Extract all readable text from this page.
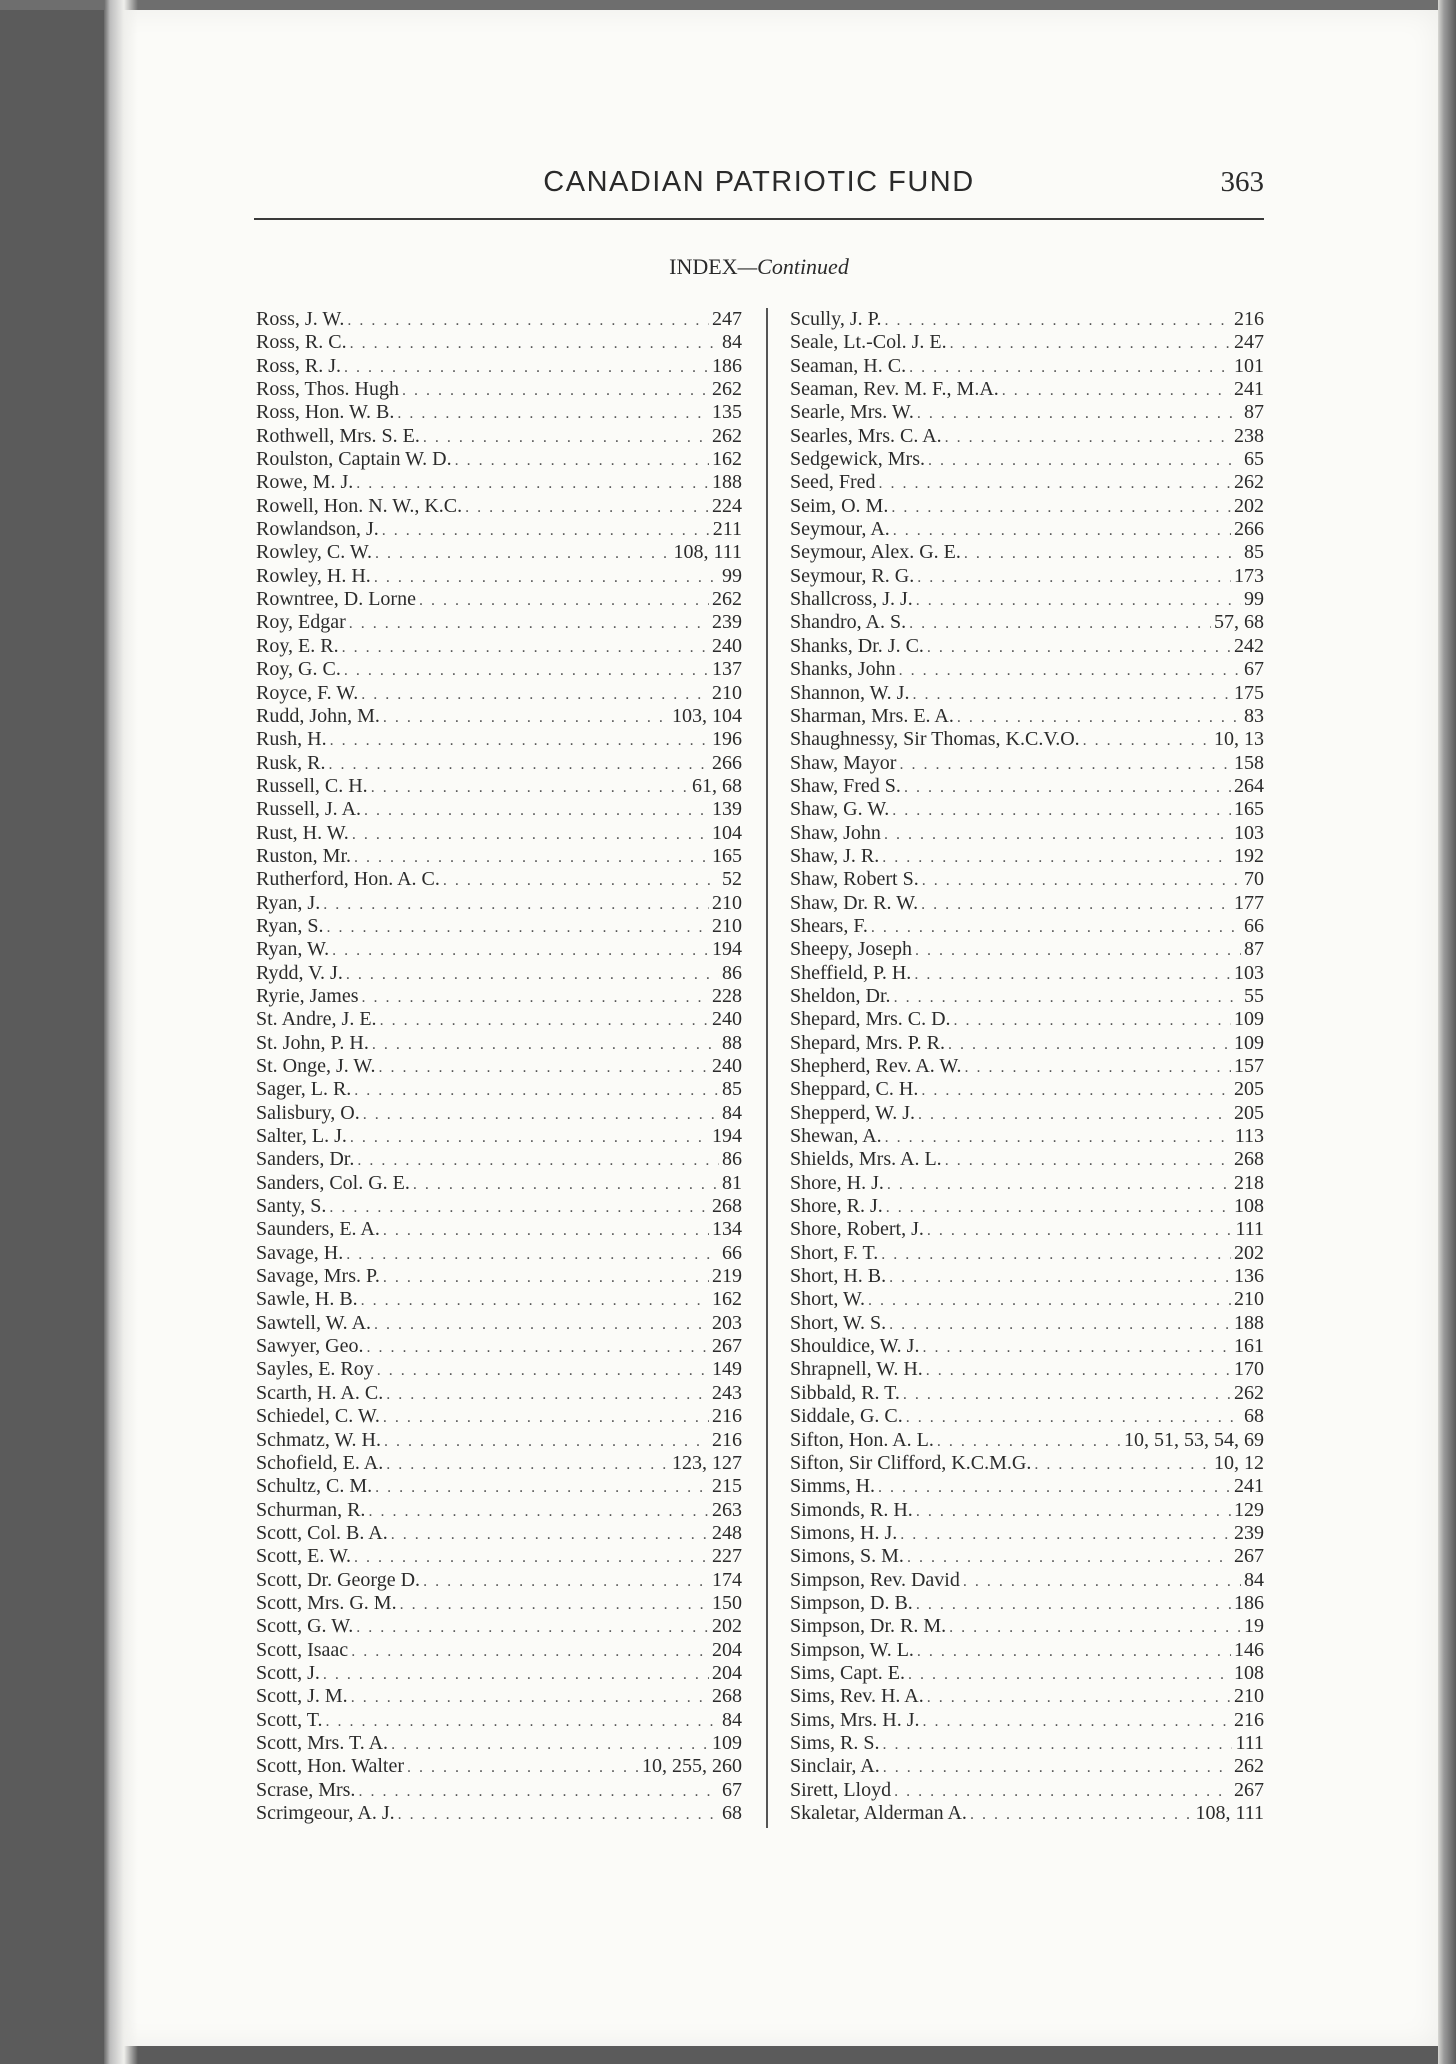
CANADIAN PATRIOTIC FUND	363
INDEX—Continued
Ross, J. W. . . .	247
Ross, R. C. . . .	84
Ross, R. J. . . .	186
Ross, Thos. Hugh . . .	262
Ross, Hon. W. B. . . .	135
Rothwell, Mrs. S. E. . . .	262
Roulston, Captain W. D. . . .	162
Rowe, M. J. . . .	188
Rowell, Hon. N. W., K.C. . . .	224
Rowlandson, J. . . .	211
Rowley, C. W. . . .	108, 111
Rowley, H. H. . . .	99
Rowntree, D. Lorne . . .	262
Roy, Edgar . . .	239
Roy, E. R. . . .	240
Roy, G. C. . . .	137
Royce, F. W. . . .	210
Rudd, John, M. . . .	103, 104
Rush, H. . . .	196
Rusk, R. . . .	266
Russell, C. H. . . .	61, 68
Russell, J. A. . . .	139
Rust, H. W. . . .	104
Ruston, Mr. . . .	165
Rutherford, Hon. A. C. . . .	52
Ryan, J. . . .	210
Ryan, S. . . .	210
Ryan, W. . . .	194
Rydd, V. J. . . .	86
Ryrie, James . . .	228
St. Andre, J. E. . . .	240
St. John, P. H. . . .	88
St. Onge, J. W. . . .	240
Sager, L. R. . . .	85
Salisbury, O. . . .	84
Salter, L. J. . . .	194
Sanders, Dr. . . .	86
Sanders, Col. G. E. . . .	81
Santy, S. . . .	268
Saunders, E. A. . . .	134
Savage, H. . . .	66
Savage, Mrs. P. . . .	219
Sawle, H. B. . . .	162
Sawtell, W. A. . . .	203
Sawyer, Geo. . . .	267
Sayles, E. Roy . . .	149
Scarth, H. A. C. . . .	243
Schiedel, C. W. . . .	216
Schmatz, W. H. . . .	216
Schofield, E. A. . . .	123, 127
Schultz, C. M. . . .	215
Schurman, R. . . .	263
Scott, Col. B. A. . . .	248
Scott, E. W. . . .	227
Scott, Dr. George D. . . .	174
Scott, Mrs. G. M. . . .	150
Scott, G. W. . . .	202
Scott, Isaac . . .	204
Scott, J. . . .	204
Scott, J. M. . . .	268
Scott, T. . . .	84
Scott, Mrs. T. A. . . .	109
Scott, Hon. Walter . . .	10, 255, 260
Scrase, Mrs. . . .	67
Scrimgeour, A. J. . . .	68
Scully, J. P. . . .	216
Seale, Lt.-Col. J. E. . . .	247
Seaman, H. C. . . .	101
Seaman, Rev. M. F., M.A. . . .	241
Searle, Mrs. W. . . .	87
Searles, Mrs. C. A. . . .	238
Sedgewick, Mrs. . . .	65
Seed, Fred . . .	262
Seim, O. M. . . .	202
Seymour, A. . . .	266
Seymour, Alex. G. E. . . .	85
Seymour, R. G. . . .	173
Shallcross, J. J. . . .	99
Shandro, A. S. . . .	57, 68
Shanks, Dr. J. C. . . .	242
Shanks, John . . .	67
Shannon, W. J. . . .	175
Sharman, Mrs. E. A. . . .	83
Shaughnessy, Sir Thomas, K.C.V.O. . . .	10, 13
Shaw, Mayor . . .	158
Shaw, Fred S. . . .	264
Shaw, G. W. . . .	165
Shaw, John . . .	103
Shaw, J. R. . . .	192
Shaw, Robert S. . . .	70
Shaw, Dr. R. W. . . .	177
Shears, F. . . .	66
Sheepy, Joseph . . .	87
Sheffield, P. H. . . .	103
Sheldon, Dr. . . .	55
Shepard, Mrs. C. D. . . .	109
Shepard, Mrs. P. R. . . .	109
Shepherd, Rev. A. W. . . .	157
Sheppard, C. H. . . .	205
Shepperd, W. J. . . .	205
Shewan, A. . . .	113
Shields, Mrs. A. L. . . .	268
Shore, H. J. . . .	218
Shore, R. J. . . .	108
Shore, Robert, J. . . .	111
Short, F. T. . . .	202
Short, H. B. . . .	136
Short, W. . . .	210
Short, W. S. . . .	188
Shouldice, W. J. . . .	161
Shrapnell, W. H. . . .	170
Sibbald, R. T. . . .	262
Siddale, G. C. . . .	68
Sifton, Hon. A. L. . . .	10, 51, 53, 54, 69
Sifton, Sir Clifford, K.C.M.G. . . .	10, 12
Simms, H. . . .	241
Simonds, R. H. . . .	129
Simons, H. J. . . .	239
Simons, S. M. . . .	267
Simpson, Rev. David . . .	84
Simpson, D. B. . . .	186
Simpson, Dr. R. M. . . .	19
Simpson, W. L. . . .	146
Sims, Capt. E. . . .	108
Sims, Rev. H. A. . . .	210
Sims, Mrs. H. J. . . .	216
Sims, R. S. . . .	111
Sinclair, A. . . .	262
Sirett, Lloyd . . .	267
Skaletar, Alderman A. . . .	108, 111
